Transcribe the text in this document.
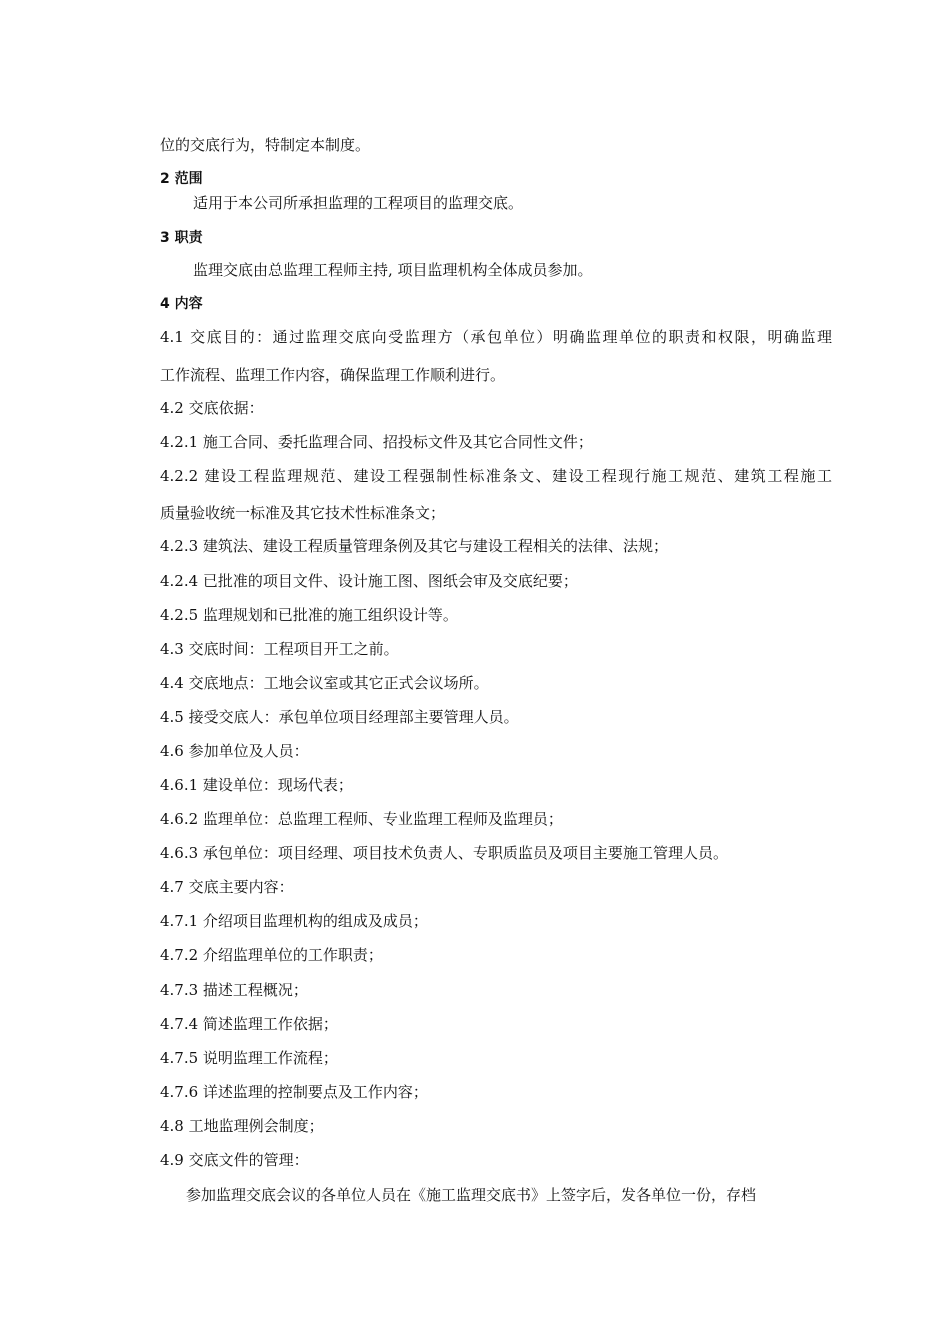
位的交底行为，特制定本制度。
2 范围
适用于本公司所承担监理的工程项目的监理交底。
3 职责
监理交底由总监理工程师主持, 项目监理机构全体成员参加。
4 内容
4.1 交底目的：通过监理交底向受监理方（承包单位）明确监理单位的职责和权限，明确监理
工作流程、监理工作内容，确保监理工作顺利进行。
4.2 交底依据：
4.2.1 施工合同、委托监理合同、招投标文件及其它合同性文件；
4.2.2 建设工程监理规范、建设工程强制性标准条文、建设工程现行施工规范、建筑工程施工
质量验收统一标准及其它技术性标准条文；
4.2.3 建筑法、建设工程质量管理条例及其它与建设工程相关的法律、法规；
4.2.4 已批准的项目文件、设计施工图、图纸会审及交底纪要；
4.2.5 监理规划和已批准的施工组织设计等。
4.3 交底时间：工程项目开工之前。
4.4 交底地点：工地会议室或其它正式会议场所。
4.5 接受交底人：承包单位项目经理部主要管理人员。
4.6 参加单位及人员：
4.6.1 建设单位：现场代表；
4.6.2 监理单位：总监理工程师、专业监理工程师及监理员；
4.6.3 承包单位：项目经理、项目技术负责人、专职质监员及项目主要施工管理人员。
4.7 交底主要内容：
4.7.1 介绍项目监理机构的组成及成员；
4.7.2 介绍监理单位的工作职责；
4.7.3 描述工程概况；
4.7.4 简述监理工作依据；
4.7.5 说明监理工作流程；
4.7.6 详述监理的控制要点及工作内容；
4.8 工地监理例会制度；
4.9 交底文件的管理：
参加监理交底会议的各单位人员在《施工监理交底书》上签字后，发各单位一份，存档
